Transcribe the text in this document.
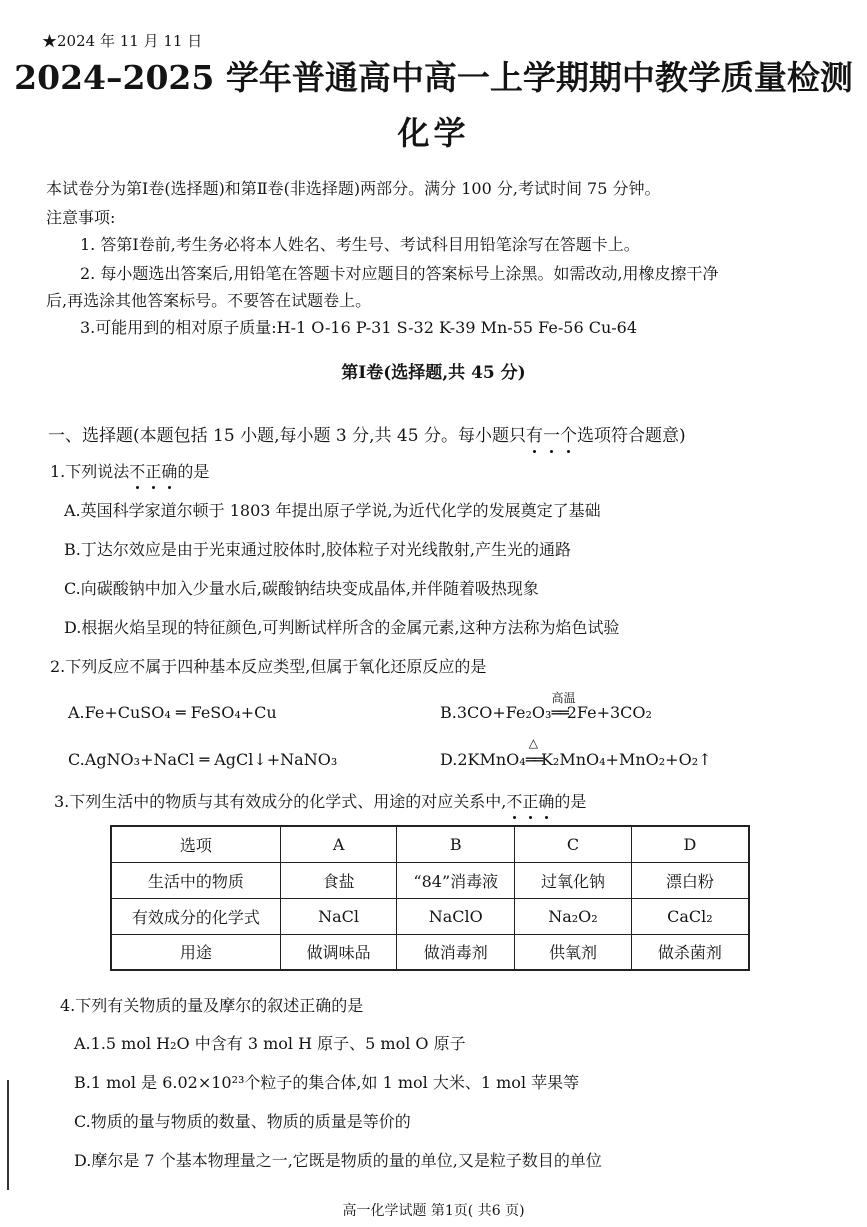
★2024 年 11 月 11 日
2024–2025 学年普通高中高一上学期期中教学质量检测
化学
本试卷分为第Ⅰ卷(选择题)和第Ⅱ卷(非选择题)两部分。满分 100 分,考试时间 75 分钟。
注意事项:
1. 答第Ⅰ卷前,考生务必将本人姓名、考生号、考试科目用铅笔涂写在答题卡上。
2. 每小题选出答案后,用铅笔在答题卡对应题目的答案标号上涂黑。如需改动,用橡皮擦干净
后,再选涂其他答案标号。不要答在试题卷上。
3.可能用到的相对原子质量:H-1 O-16 P-31 S-32 K-39 Mn-55 Fe-56 Cu-64
第Ⅰ卷(选择题,共 45 分)
一、选择题(本题包括 15 小题,每小题 3 分,共 45 分。每小题只有一个选项符合题意)
1.下列说法不正确的是
A.英国科学家道尔顿于 1803 年提出原子学说,为近代化学的发展奠定了基础
B.丁达尔效应是由于光束通过胶体时,胶体粒子对光线散射,产生光的通路
C.向碳酸钠中加入少量水后,碳酸钠结块变成晶体,并伴随着吸热现象
D.根据火焰呈现的特征颜色,可判断试样所含的金属元素,这种方法称为焰色试验
2.下列反应不属于四种基本反应类型,但属于氧化还原反应的是
A.Fe+CuSO₄ ═ FeSO₄+Cu	B.3CO+Fe₂O₃
高温
══2Fe+3CO₂
C.AgNO₃+NaCl ═ AgCl↓+NaNO₃	D.2KMnO₄
△
══K₂MnO₄+MnO₂+O₂↑
3.下列生活中的物质与其有效成分的化学式、用途的对应关系中,不正确的是
选项	A	B	C	D
生活中的物质	食盐	“84”消毒液	过氧化钠	漂白粉
有效成分的化学式	NaCl	NaClO	Na₂O₂	CaCl₂
用途	做调味品	做消毒剂	供氧剂	做杀菌剂
4.下列有关物质的量及摩尔的叙述正确的是
A.1.5 mol H₂O 中含有 3 mol H 原子、5 mol O 原子
B.1 mol 是 6.02×10²³个粒子的集合体,如 1 mol 大米、1 mol 苹果等
C.物质的量与物质的数量、物质的质量是等价的
D.摩尔是 7 个基本物理量之一,它既是物质的量的单位,又是粒子数目的单位
高一化学试题 第1页( 共6 页)
